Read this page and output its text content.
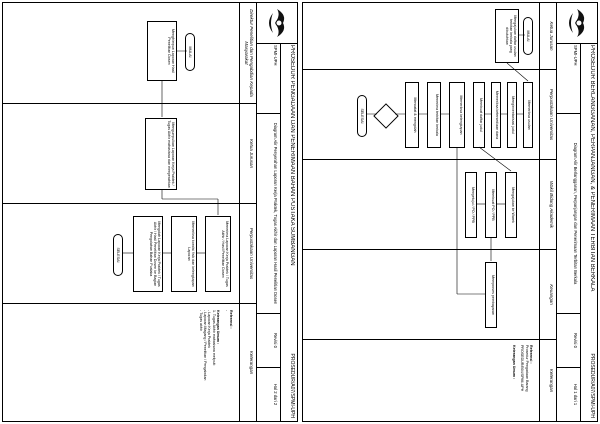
PROSEDUR PENGADAAN DAN PENERIMAAN BAHAN PUSTAKA SUMBANGAN
PROSEDUR/A07/SPMI-UPH
SPMI-UPH
Diagram Alir Penyerahan Laporan Kerja Praktek, Tugas Akhir dan Laporan Hasil Penelitian Dosen
Revisi 0
Hal 2 dari 2
Direktur Penelitian dan Pengabdian Kepada Masyarakat
MULAI
Menghimpun Laporan Hasil Penelitian Dosen
Ketua Jurusan
Mengumpulkan Laporan Kerja Praktek / Tugas Akhir mahasiswa dan menyerahkan
Perpustakaan Universitas
Menerima Laporan Kerja Praktek / Tugas Akhir / Hasil Penelitian Dosen
Memeriksa kondisi fisik dan kelengkapan Laporan
Mengolah Laporan Kerja Praktek / Tugas Akhir / Hasil Penelitian Dosen ke Bagian Pengolahan Bahan Pustaka
SELESAI
Keterangan
Referensi :
-
Keterangan Umum :
1. Tugas Akhir mahasiswa meliputi:
- Laporan Kerja Praktek
- Laporan Magang / Penelitian / Pengabdian
- Tugas akhir
PROSEDUR BERLANGGANAN, PERPANJANGAN, & PENERIMAAN TERBITAN BERKALA
PROSEDUR/A07/SPMI-UPH
SPMI-UPH
Diagram Alir Berlangganan, Perpanjangan dan Penerimaan Terbitan Berkala
Revisi 0
Hal 1 dari 1
Ketua Jurusan
MULAI
Mengajukan daftar usulan terbitan berkala yang dibutuhkan
Perpustakaan Universitas
Memeriksa usulan
Menginventarisasi judul
Memeriksa ketersediaan dana
Membuat daftar judul
Memeriksa kelengkapan
Menerima terbitan berkala
Mencatat & mengolah
SELESAI
Wakil Bidang Akademik
Mengajukan ke Warek
Membuat PO / PPB
Menyetujui / PO / PPB
Keuangan
Memproses pembayaran
Keterangan
Referensi :
Prosedur Pengadaan Barang
PROSEDUR/B04/SPMI-UPH
Keterangan Umum :
